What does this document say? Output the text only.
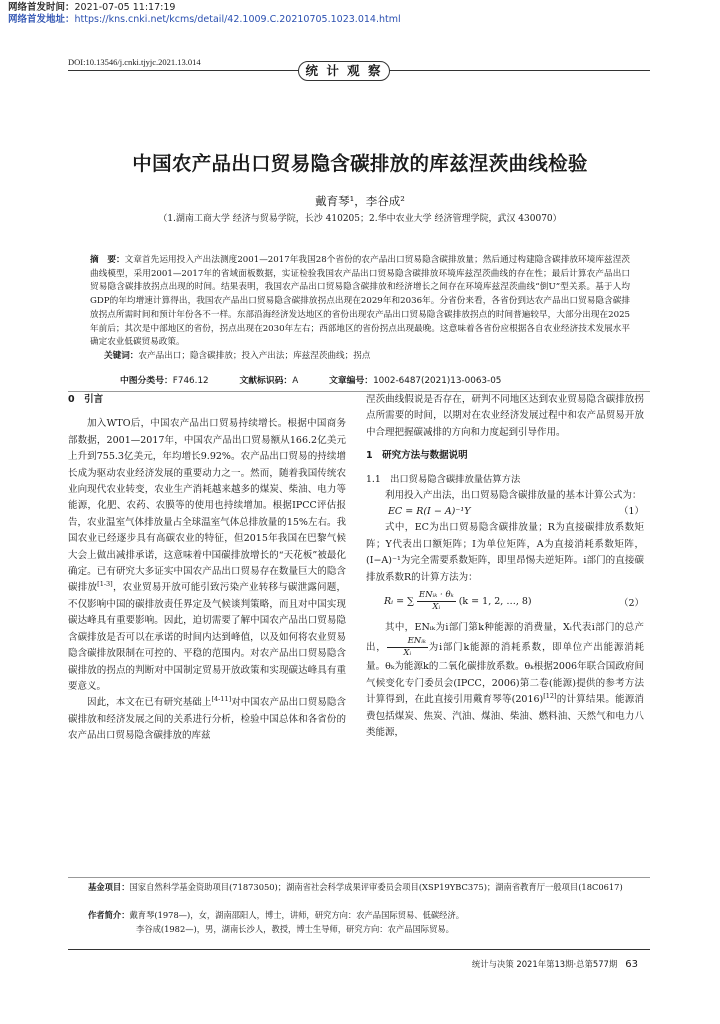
网络首发时间：2021-07-05 11:17:19
网络首发地址：https://kns.cnki.net/kcms/detail/42.1009.C.20210705.1023.014.html
DOI:10.13546/j.cnki.tjyjc.2021.13.014
统 计 观 察
中国农产品出口贸易隐含碳排放的库兹涅茨曲线检验
戴育琴¹，李谷成²
（1.湖南工商大学 经济与贸易学院，长沙 410205；2.华中农业大学 经济管理学院，武汉 430070）
摘　要：文章首先运用投入产出法测度2001—2017年我国28个省份的农产品出口贸易隐含碳排放量；然后通过构建隐含碳排放环境库兹涅茨曲线模型，采用2001—2017年的省域面板数据，实证检验我国农产品出口贸易隐含碳排放环境库兹涅茨曲线的存在性；最后计算农产品出口贸易隐含碳排放拐点出现的时间。结果表明，我国农产品出口贸易隐含碳排放和经济增长之间存在环境库兹涅茨曲线“倒U”型关系。基于人均GDP的年均增速计算得出，我国农产品出口贸易隐含碳排放拐点出现在2029年和2036年。分省份来看，各省份到达农产品出口贸易隐含碳排放拐点所需时间和预计年份各不一样。东部沿海经济发达地区的省份出现农产品出口贸易隐含碳排放拐点的时间普遍较早，大部分出现在2025年前后；其次是中部地区的省份，拐点出现在2030年左右；西部地区的省份拐点出现最晚。这意味着各省份应根据各自农业经济技术发展水平确定农业低碳贸易政策。
关键词：农产品出口；隐含碳排放；投入产出法；库兹涅茨曲线；拐点
中图分类号：F746.12	文献标识码：A	文章编号：1002-6487(2021)13-0063-05
0　引言
加入WTO后，中国农产品出口贸易持续增长。根据中国商务部数据，2001—2017年，中国农产品出口贸易额从166.2亿美元上升到755.3亿美元，年均增长9.92%。农产品出口贸易的持续增长成为驱动农业经济发展的重要动力之一。然而，随着我国传统农业向现代农业转变，农业生产消耗越来越多的煤炭、柴油、电力等能源，化肥、农药、农膜等的使用也持续增加。根据IPCC评估报告，农业温室气体排放量占全球温室气体总排放量的15%左右。我国农业已经逐步具有高碳农业的特征，但2015年我国在巴黎气候大会上做出减排承诺，这意味着中国碳排放增长的“天花板”被最化确定。已有研究大多证实中国农产品出口贸易存在数量巨大的隐含碳排放[1-3]，农业贸易开放可能引致污染产业转移与碳泄露问题，不仅影响中国的碳排放责任界定及气候谈判策略，而且对中国实现碳达峰具有重要影响。因此，迫切需要了解中国农产品出口贸易隐含碳排放是否可以在承诺的时间内达到峰值，以及如何将农业贸易隐含碳排放限制在可控的、平稳的范围内。对农产品出口贸易隐含碳排放的拐点的判断对中国制定贸易开放政策和实现碳达峰具有重要意义。
因此，本文在已有研究基础上[4-11]对中国农产品出口贸易隐含碳排放和经济发展之间的关系进行分析，检验中国总体和各省份的农产品出口贸易隐含碳排放的库兹
涅茨曲线假说是否存在，研判不同地区达到农业贸易隐含碳排放拐点所需要的时间，以期对在农业经济发展过程中和农产品贸易开放中合理把握碳减排的方向和力度起到引导作用。
1　研究方法与数据说明
1.1　出口贸易隐含碳排放量估算方法
利用投入产出法，出口贸易隐含碳排放量的基本计算公式为：
EC = R(I − A)⁻¹Y	（1）
式中，EC为出口贸易隐含碳排放量；R为直接碳排放系数矩阵；Y代表出口额矩阵；I为单位矩阵，A为直接消耗系数矩阵，(I−A)⁻¹为完全需要系数矩阵，即里昂惕夫逆矩阵。i部门的直接碳排放系数R的计算方法为：
Rᵢ = ∑ $\frac{\text{ENᵢₖ · θₖ}}{\text{Xᵢ}} (k = 1$, 2, …, 8)	（2）
其中，ENᵢₖ为i部门第k种能源的消费量，Xᵢ代表i部门的总产出， $\frac{\text{ENᵢₖ}}{\text{Xᵢ}}$为i部门k能源的消耗系数，即单位产出能源消耗量。θₖ为能源k的二氧化碳排放系数。θₖ根据2006年联合国政府间气候变化专门委员会(IPCC，2006)第二卷(能源)提供的参考方法计算得到，在此直接引用戴育琴等(2016)[12]的计算结果。能源消费包括煤炭、焦炭、汽油、煤油、柴油、燃料油、天然气和电力八类能源，
基金项目：国家自然科学基金资助项目(71873050)；湖南省社会科学成果评审委员会项目(XSP19YBC375)；湖南省教育厅一般项目(18C0617)
作者简介：戴育琴(1978—)，女，湖南邵阳人，博士，讲师，研究方向：农产品国际贸易、低碳经济。
李谷成(1982—)，男，湖南长沙人，教授，博士生导师，研究方向：农产品国际贸易。
统计与决策 2021年第13期·总第577期 63
